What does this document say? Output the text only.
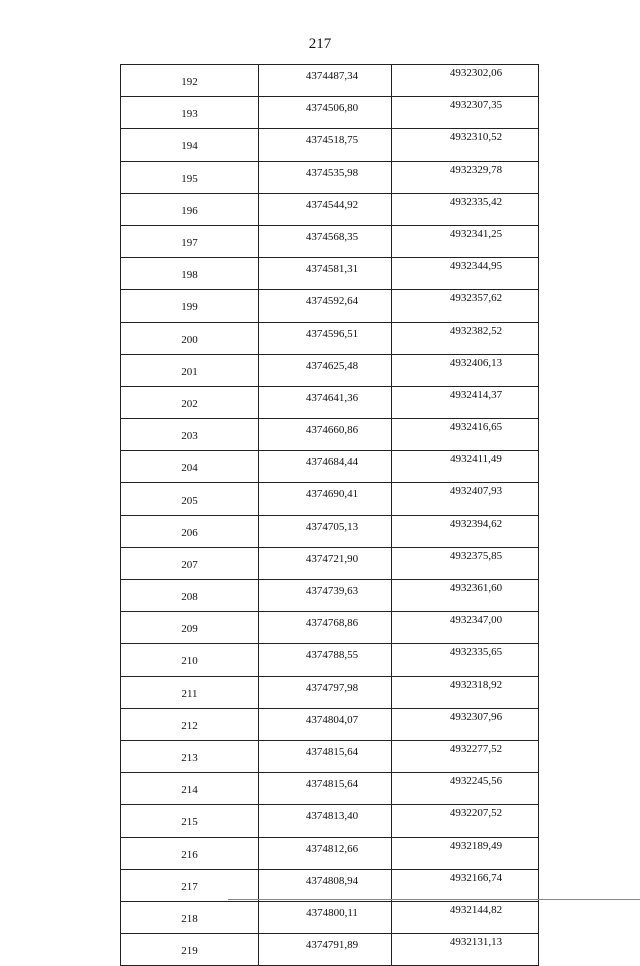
217
192	4374487,34	4932302,06
193	4374506,80	4932307,35
194	4374518,75	4932310,52
195	4374535,98	4932329,78
196	4374544,92	4932335,42
197	4374568,35	4932341,25
198	4374581,31	4932344,95
199	4374592,64	4932357,62
200	4374596,51	4932382,52
201	4374625,48	4932406,13
202	4374641,36	4932414,37
203	4374660,86	4932416,65
204	4374684,44	4932411,49
205	4374690,41	4932407,93
206	4374705,13	4932394,62
207	4374721,90	4932375,85
208	4374739,63	4932361,60
209	4374768,86	4932347,00
210	4374788,55	4932335,65
211	4374797,98	4932318,92
212	4374804,07	4932307,96
213	4374815,64	4932277,52
214	4374815,64	4932245,56
215	4374813,40	4932207,52
216	4374812,66	4932189,49
217	4374808,94	4932166,74
218	4374800,11	4932144,82
219	4374791,89	4932131,13
